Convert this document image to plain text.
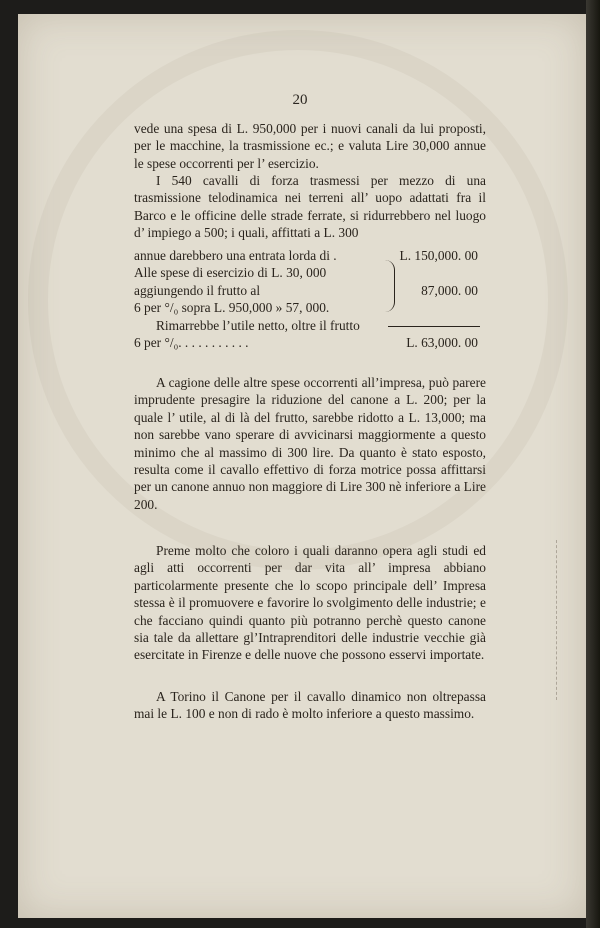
20

vede una spesa di L. 950,000 per i nuovi canali da lui proposti, per le macchine, la trasmissione ec.; e valuta Lire 30,000 annue le spese occorrenti per l’ esercizio.

I 540 cavalli di forza trasmessi per mezzo di una trasmissione telodinamica nei terreni all’ uopo adattati fra il Barco e le officine delle strade ferrate, si ridurrebbero nel luogo d’ impiego a 500; i quali, affittati a L. 300

annue darebbero una entrata lorda di .	L. 150,000. 00
Alle spese di esercizio di L. 30, 000
aggiungendo il frutto al	87,000. 00
6 per °/₀ sopra L. 950,000 » 57, 000.
Rimarrebbe l’utile netto, oltre il frutto
6 per °/₀. . . . . . . . . . .	L. 63,000. 00

A cagione delle altre spese occorrenti all’impresa, può parere imprudente presagire la riduzione del canone a L. 200; per la quale l’ utile, al di là del frutto, sarebbe ridotto a L. 13,000; ma non sarebbe vano sperare di avvicinarsi maggiormente a questo minimo che al massimo di 300 lire. Da quanto è stato esposto, resulta come il cavallo effettivo di forza motrice possa affittarsi per un canone annuo non maggiore di Lire 300 nè inferiore a Lire 200.

Preme molto che coloro i quali daranno opera agli studi ed agli atti occorrenti per dar vita all’ impresa abbiano particolarmente presente che lo scopo principale dell’ Impresa stessa è il promuovere e favorire lo svolgimento delle industrie; e che facciano quindi quanto più potranno perchè questo canone sia tale da allettare gl’Intraprenditori delle industrie vecchie già esercitate in Firenze e delle nuove che possono esservi importate.

A Torino il Canone per il cavallo dinamico non oltrepassa mai le L. 100 e non di rado è molto inferiore a questo massimo.
